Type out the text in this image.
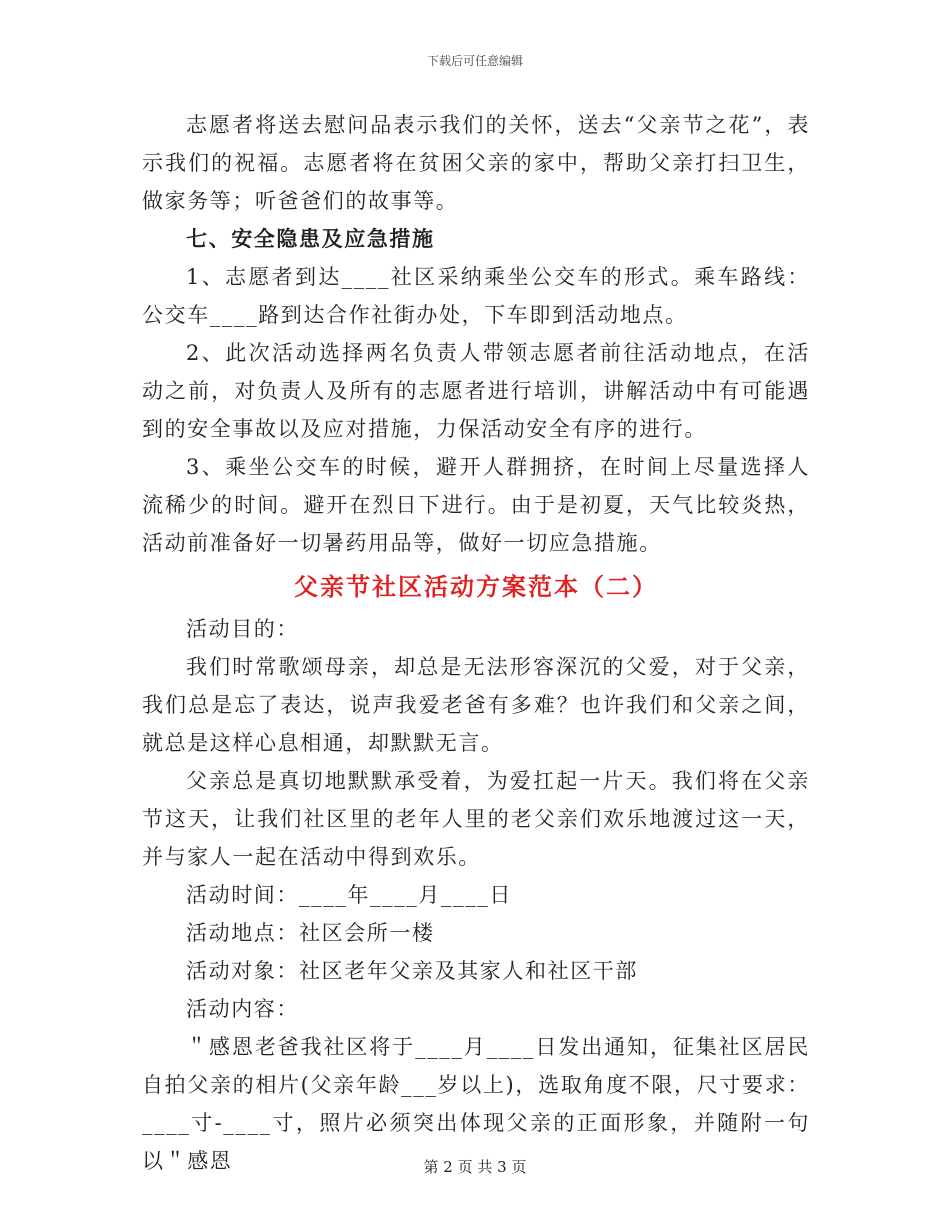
下载后可任意编辑

志愿者将送去慰问品表示我们的关怀，送去“父亲节之花”，表示我们的祝福。志愿者将在贫困父亲的家中，帮助父亲打扫卫生，做家务等；听爸爸们的故事等。

七、安全隐患及应急措施

1、志愿者到达____社区采纳乘坐公交车的形式。乘车路线：公交车____路到达合作社街办处，下车即到活动地点。

2、此次活动选择两名负责人带领志愿者前往活动地点，在活动之前，对负责人及所有的志愿者进行培训，讲解活动中有可能遇到的安全事故以及应对措施，力保活动安全有序的进行。

3、乘坐公交车的时候，避开人群拥挤，在时间上尽量选择人流稀少的时间。避开在烈日下进行。由于是初夏，天气比较炎热，活动前准备好一切暑药用品等，做好一切应急措施。

父亲节社区活动方案范本（二）

活动目的：

我们时常歌颂母亲，却总是无法形容深沉的父爱，对于父亲，我们总是忘了表达，说声我爱老爸有多难？也许我们和父亲之间，就总是这样心息相通，却默默无言。

父亲总是真切地默默承受着，为爱扛起一片天。我们将在父亲节这天，让我们社区里的老年人里的老父亲们欢乐地渡过这一天，并与家人一起在活动中得到欢乐。

活动时间：____年____月____日

活动地点：社区会所一楼

活动对象：社区老年父亲及其家人和社区干部

活动内容：

＂感恩老爸我社区将于____月____日发出通知，征集社区居民自拍父亲的相片(父亲年龄___岁以上)，选取角度不限，尺寸要求：____寸-____寸，照片必须突出体现父亲的正面形象，并随附一句以＂感恩	第 2 页 共 3 页
